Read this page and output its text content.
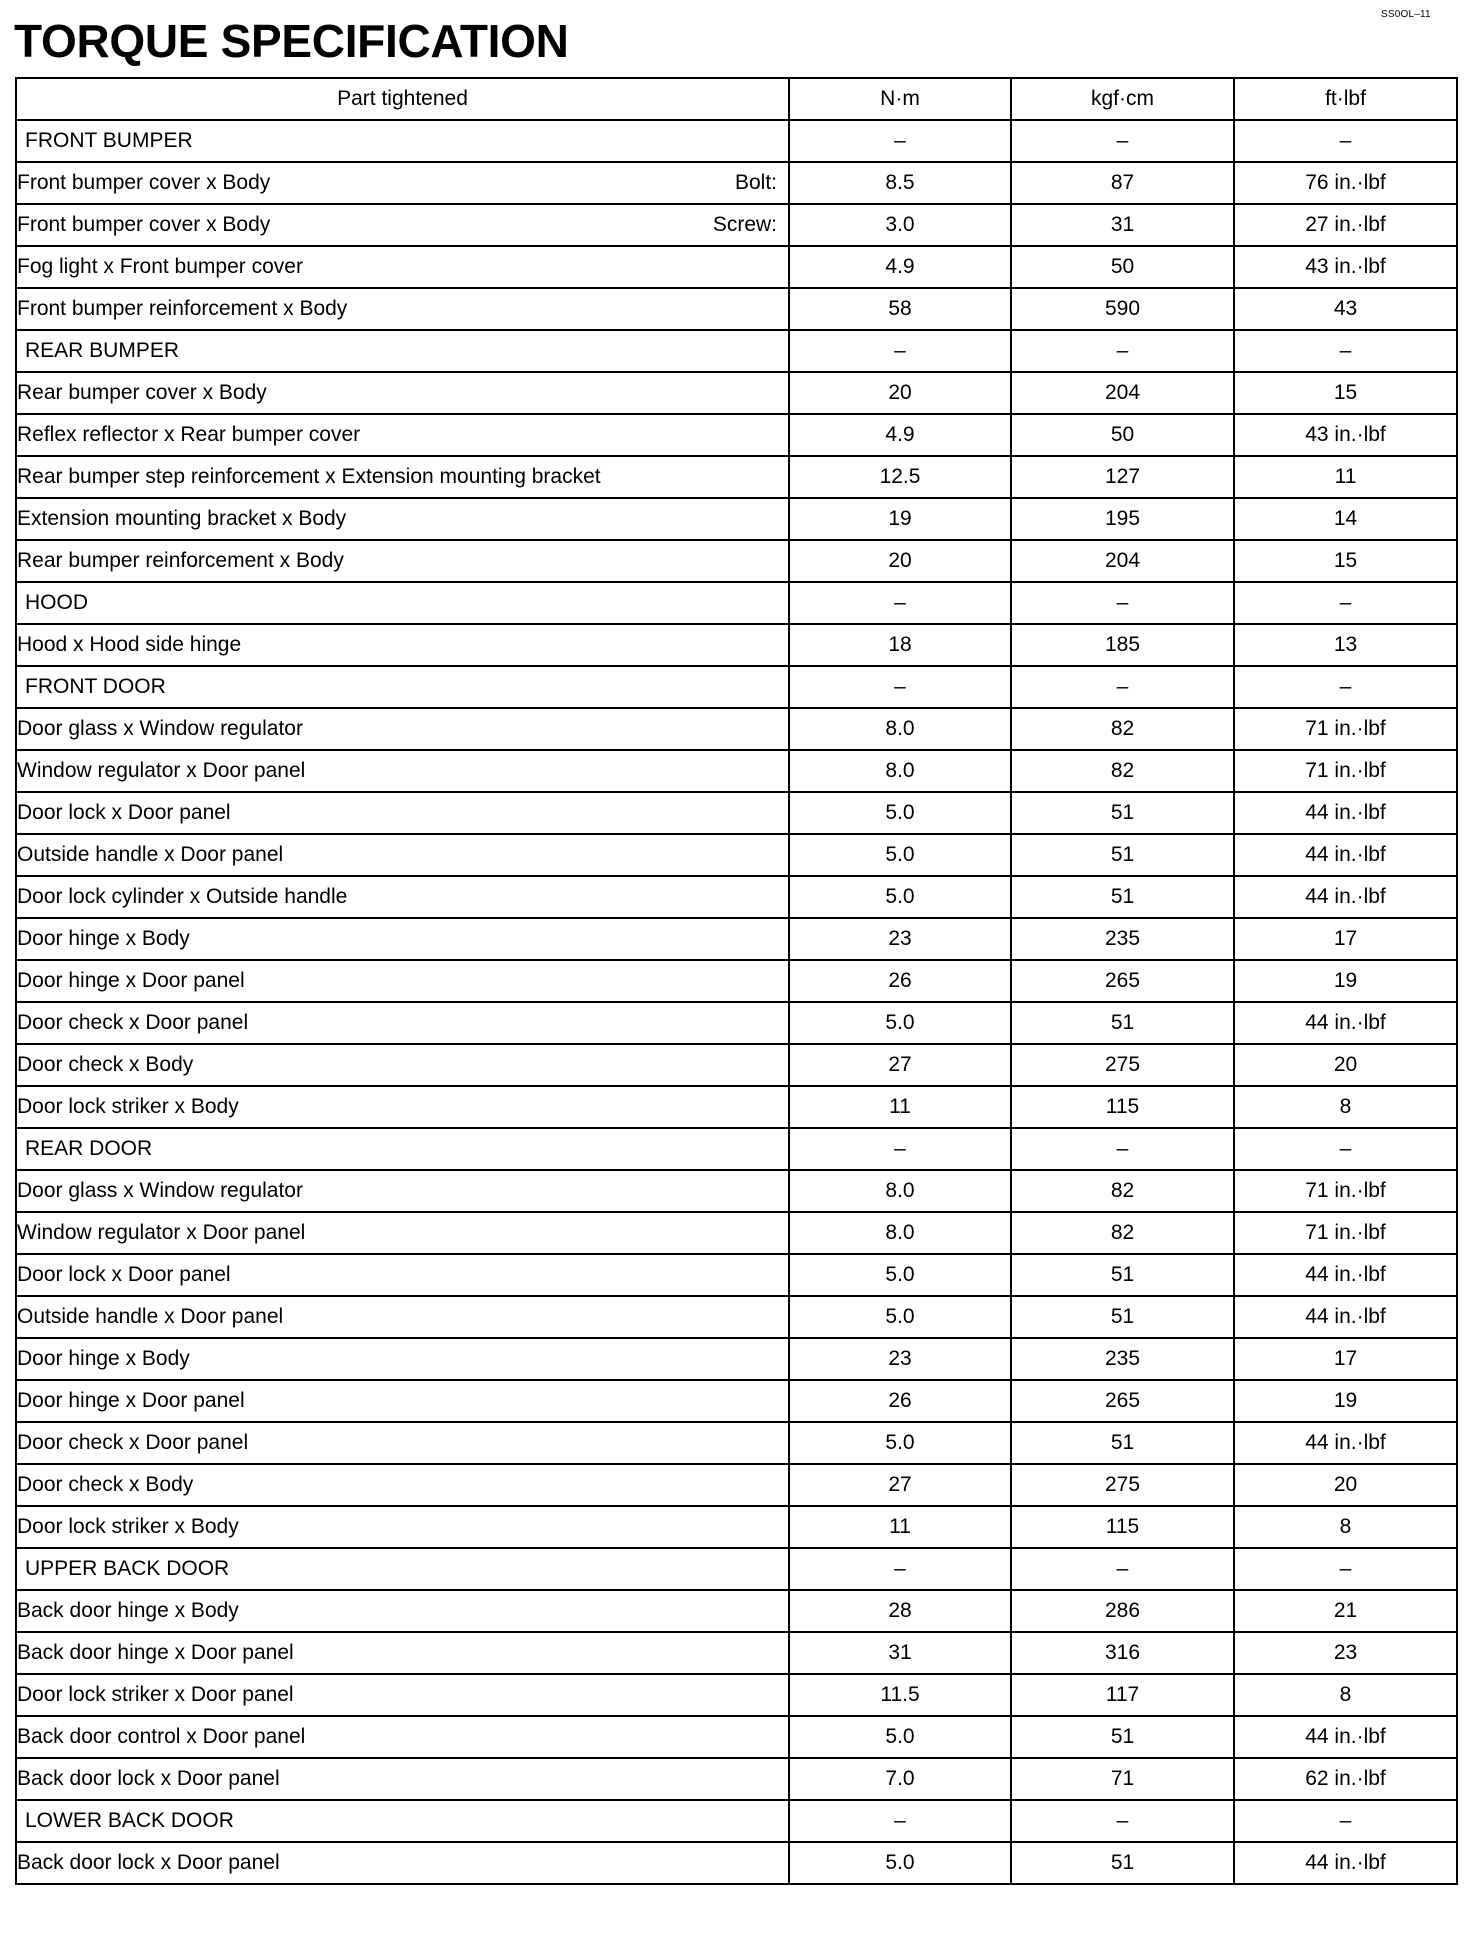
SS0OL–11
TORQUE SPECIFICATION
Part tightened	N·m	kgf·cm	ft·lbf
FRONT BUMPER	–	–	–
Front bumper cover x Body Bolt:	8.5	87	76 in.·lbf
Front bumper cover x Body Screw:	3.0	31	27 in.·lbf
Fog light x Front bumper cover	4.9	50	43 in.·lbf
Front bumper reinforcement x Body	58	590	43
REAR BUMPER	–	–	–
Rear bumper cover x Body	20	204	15
Reflex reflector x Rear bumper cover	4.9	50	43 in.·lbf
Rear bumper step reinforcement x Extension mounting bracket	12.5	127	11
Extension mounting bracket x Body	19	195	14
Rear bumper reinforcement x Body	20	204	15
HOOD	–	–	–
Hood x Hood side hinge	18	185	13
FRONT DOOR	–	–	–
Door glass x Window regulator	8.0	82	71 in.·lbf
Window regulator x Door panel	8.0	82	71 in.·lbf
Door lock x Door panel	5.0	51	44 in.·lbf
Outside handle x Door panel	5.0	51	44 in.·lbf
Door lock cylinder x Outside handle	5.0	51	44 in.·lbf
Door hinge x Body	23	235	17
Door hinge x Door panel	26	265	19
Door check x Door panel	5.0	51	44 in.·lbf
Door check x Body	27	275	20
Door lock striker x Body	11	115	8
REAR DOOR	–	–	–
Door glass x Window regulator	8.0	82	71 in.·lbf
Window regulator x Door panel	8.0	82	71 in.·lbf
Door lock x Door panel	5.0	51	44 in.·lbf
Outside handle x Door panel	5.0	51	44 in.·lbf
Door hinge x Body	23	235	17
Door hinge x Door panel	26	265	19
Door check x Door panel	5.0	51	44 in.·lbf
Door check x Body	27	275	20
Door lock striker x Body	11	115	8
UPPER BACK DOOR	–	–	–
Back door hinge x Body	28	286	21
Back door hinge x Door panel	31	316	23
Door lock striker x Door panel	11.5	117	8
Back door control x Door panel	5.0	51	44 in.·lbf
Back door lock x Door panel	7.0	71	62 in.·lbf
LOWER BACK DOOR	–	–	–
Back door lock x Door panel	5.0	51	44 in.·lbf
